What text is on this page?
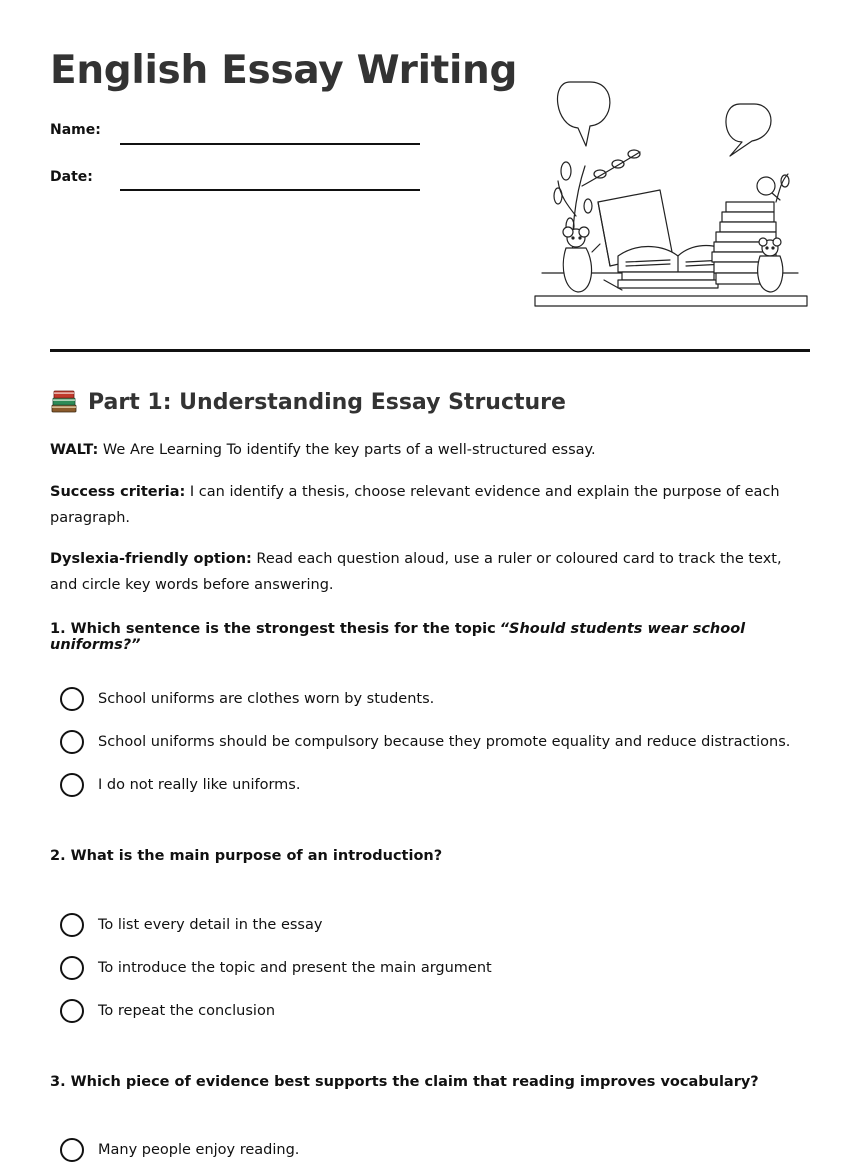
English Essay Writing
Name:
Date:
Part 1: Understanding Essay Structure

WALT: We Are Learning To identify the key parts of a well-structured essay.

Success criteria: I can identify a thesis, choose relevant evidence and explain the purpose of each paragraph.

Dyslexia-friendly option: Read each question aloud, use a ruler or coloured card to track the text, and circle key words before answering.

1. Which sentence is the strongest thesis for the topic “Should students wear school uniforms?”

School uniforms are clothes worn by students.
School uniforms should be compulsory because they promote equality and reduce distractions.
I do not really like uniforms.

2. What is the main purpose of an introduction?

To list every detail in the essay
To introduce the topic and present the main argument
To repeat the conclusion

3. Which piece of evidence best supports the claim that reading improves vocabulary?

Many people enjoy reading.
